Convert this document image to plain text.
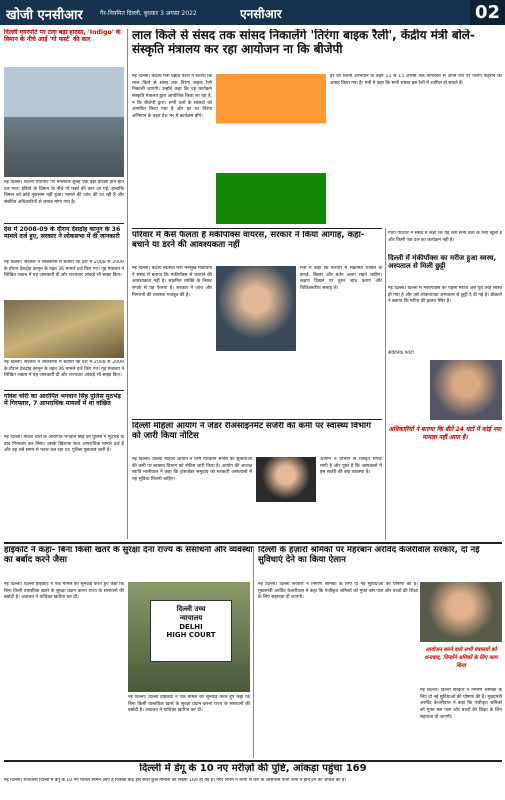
खोजी एनसीआर	गैर-नियमित दिल्ली, बुधवार 3 अगस्त 2022	एनसीआर	02
दिल्ली एयरपोर्ट पर टला बड़ा हादसा, 'Indigo' के विमान के नीचे आई 'गो फर्स्ट' की कार
नई दिल्ली। दिल्ली एयरपोर्ट पर मंगलवार सुबह एक बड़ा हादसा होते-होते टल गया। इंडिगो के विमान के नीचे गो फर्स्ट की कार आ गई, हालांकि विमान को कोई नुकसान नहीं हुआ। मामले की जांच की जा रही है और संबंधित अधिकारियों से जवाब मांगा गया है।
देश में 2008-09 के दौरान देशद्रोह कानून के 36 मामले दर्ज हुए, सरकार ने लोकसभा में दी जानकारी
नई दिल्ली। सरकार ने लोकसभा में बताया कि देश में 2008 से 2009 के दौरान देशद्रोह कानून के तहत 36 मामले दर्ज किए गए। गृह मंत्रालय ने लिखित जवाब में यह जानकारी दी और राज्यवार आंकड़े भी साझा किए।
नई दिल्ली। सरकार ने लोकसभा में बताया कि देश में 2008 से 2009 के दौरान देशद्रोह कानून के तहत 36 मामले दर्ज किए गए। गृह मंत्रालय ने लिखित जवाब में यह जानकारी दी और राज्यवार आंकड़े भी साझा किए।
गोवंश चोरी का आरोपित भगवान सिंह पुलिस मुठभेड़ में गिरफ्तार, 7 आपराधिक मामलों में था वांछित
नई दिल्ली। गोवंश चोरी के आरोपित भगवान सिंह को पुलिस ने मुठभेड़ के बाद गिरफ्तार कर लिया। उसके खिलाफ सात आपराधिक मामले दर्ज हैं और वह लंबे समय से फरार चल रहा था। पुलिस पूछताछ जारी है।
लाल किले से संसद तक सांसद निकालेंगे 'तिरंगा बाइक रैली', केंद्रीय मंत्री बोले- संस्कृति मंत्रालय कर रहा आयोजन ना कि बीजेपी
नई दिल्ली। केंद्रीय मंत्री प्रह्लाद पटेल ने बताया कि लाल किले से संसद तक तिरंगा बाइक रैली निकाली जाएगी। उन्होंने कहा कि यह कार्यक्रम संस्कृति मंत्रालय द्वारा आयोजित किया जा रहा है, न कि बीजेपी द्वारा। सभी दलों के सांसदों को आमंत्रित किया गया है और हर घर तिरंगा अभियान के तहत देश भर में कार्यक्रम होंगे।
हर घर तिरंगा अभियान के तहत 13 से 15 अगस्त तक नागरिकों से अपने घरों पर तिरंगा फहराने का आग्रह किया गया है। मंत्री ने कहा कि सभी सांसद इस रैली में शामिल हो सकते हैं।
परिवार में कैसे फैलता है मंकीपॉक्स वायरस, सरकार ने किया आगाह, कहा- बचाने या डरने की आवश्यकता नहीं
नई दिल्ली। केंद्रीय स्वास्थ्य मंत्री मनसुख मांडविया ने संसद में बताया कि मंकीपॉक्स से घबराने की आवश्यकता नहीं है। संक्रमित व्यक्ति के निकट संपर्क से यह फैलता है। सरकार ने जांच और निगरानी की व्यवस्था मजबूत की है।
मंत्री ने कहा कि परिवार में संक्रमित व्यक्ति के कपड़े, बिस्तर और बर्तन अलग रखने चाहिए। लक्षण दिखने पर तुरंत जांच कराएं और चिकित्सकीय सलाह लें।
गांधी परिवार ने संसद में कहा कि यह रैली सभी दलों के लिए खुली है और किसी एक दल का कार्यक्रम नहीं है।
दिल्ली में मंकीपॉक्स का मरीज हुआ स्वस्थ, अस्पताल से मिली छुट्टी
नई दिल्ली। दिल्ली में मंकीपॉक्स का पहला मरीज अब पूरी तरह स्वस्थ हो गया है और उसे लोकनायक अस्पताल से छुट्टी दे दी गई है। डॉक्टरों ने बताया कि मरीज की हालत स्थिर है।
संकेतिक फोटो
अधिकारियों ने बताया कि बीते 24 घंटों में कोई नया मामला नहीं आया है।
दिल्ली महिला आयोग ने जेंडर रीअसाइनमेंट सर्जरी की कमी पर स्वास्थ्य विभाग को जारी किया नोटिस
नई दिल्ली। दिल्ली महिला आयोग ने लिंग परिवर्तन सर्जरी की सुविधाओं की कमी पर स्वास्थ्य विभाग को नोटिस जारी किया है। आयोग की अध्यक्ष स्वाति मालीवाल ने कहा कि ट्रांसजेंडर समुदाय को सरकारी अस्पतालों में यह सुविधा मिलनी चाहिए।
आयोग ने विभाग से विस्तृत रिपोर्ट मांगी है और पूछा है कि अस्पतालों में इस सर्जरी की क्या व्यवस्था है।
हाईकोर्ट ने कहा- बिना किसी खतरे के सुरक्षा देना राज्य के संसाधनों और व्यवस्था का बर्बाद करने जैसा
नई दिल्ली। दिल्ली हाईकोर्ट ने एक मामले की सुनवाई करते हुए कहा कि बिना किसी वास्तविक खतरे के सुरक्षा प्रदान करना राज्य के संसाधनों की बर्बादी है। अदालत ने याचिका खारिज कर दी।
दिल्ली उच्च
न्यायालय
DELHI
HIGH COURT
नई दिल्ली। दिल्ली हाईकोर्ट ने एक मामले की सुनवाई करते हुए कहा कि बिना किसी वास्तविक खतरे के सुरक्षा प्रदान करना राज्य के संसाधनों की बर्बादी है। अदालत ने याचिका खारिज कर दी।
दिल्ली के हज़ारों श्रमिकों पर मेहरबान अरविंद केजरीवाल सरकार, दो नई सुविधाएं देने का किया ऐलान
नई दिल्ली। दिल्ली सरकार ने निर्माण श्रमिकों के लिए दो नई सुविधाओं की घोषणा की है। मुख्यमंत्री अरविंद केजरीवाल ने कहा कि पंजीकृत श्रमिकों को मुफ्त बस पास और बच्चों की शिक्षा के लिए सहायता दी जाएगी।
आयोजन करने वाले सभी मंत्रालयों को धन्यवाद, जिन्होंने श्रमिकों के लिए काम किया
नई दिल्ली। दिल्ली सरकार ने निर्माण श्रमिकों के लिए दो नई सुविधाओं की घोषणा की है। मुख्यमंत्री अरविंद केजरीवाल ने कहा कि पंजीकृत श्रमिकों को मुफ्त बस पास और बच्चों की शिक्षा के लिए सहायता दी जाएगी।
दिल्ली में डेंगू के 10 नए मरीज़ों की पुष्टि, आंकड़ा पहुंचा 169
नई दिल्ली। राजधानी दिल्ली में डेंगू के 10 नए मामले सामने आए हैं जिसके बाद इस साल कुल मामलों की संख्या 169 हो गई है। नगर निगम ने लोगों से घरों के आसपास पानी जमा न होने देने की अपील की है।
